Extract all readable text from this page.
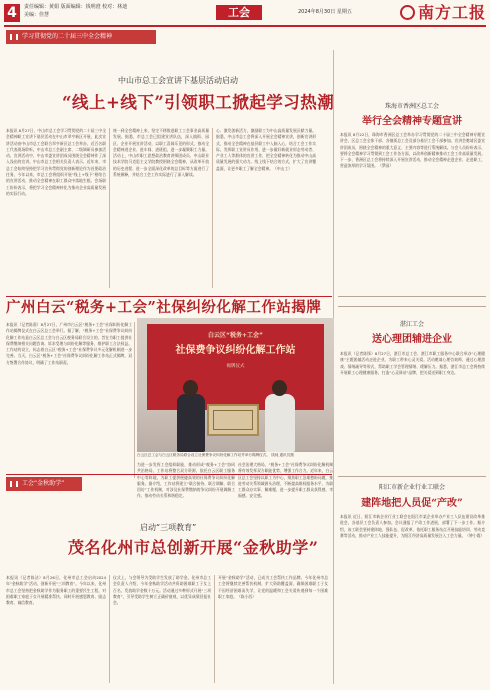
4	责任编辑：黄娟 版面编辑：钱明澄 校对：林迪
美编：佳慧	工会	2024年8月30日 星期五	南方工报
学习贯彻党的二十届三中全会精神
中山市总工会宣讲下基层活动启动
“线上+线下”引领职工掀起学习热潮
本报讯 8月27日，中山市总工会学习贯彻党的二十届三中全会精神职工宣讲下基层活动在中山市翠亨新区开展，此次宣讲活动由中山市总工会联合翠亨新区总工会举办，近百名职工代表现场聆听。中山市总工会副主席、二级调研员参加活动。宣讲活动中，中山市委宣讲团成员围绕全会精神作了深入浅出的宣讲。中山市总工会相关负责人表示，近年来，市总工会始终坚持把学习宣传贯彻党的创新理论作为首要政治任务，今年以来，市总工会将组织开展“线上+线下”相结合的宣讲活动，推动全会精神在职工群众中落地生根。会场职工纷纷表示，将把学习全会精神转化为推动企业高质量发展的实际行动。
统一到全会精神上来，坚定不移推进职工工会事业高质量发展。据悉，市总工会已组建宣讲队伍，深入镇街、园区、企业开展宣讲活动，以职工喜闻乐见的形式，推动全会精神进企业、进车间、进班组，进一步凝聚职工力量。活动上，中山市职工思想政治教育讲师团成员、中山职业技术学院马克思主义学院教授围绕全会精神，从改革开放的历史进程、进一步全面深化改革的总目标等方面进行了系统阐释，并结合工会工作实际进行了深入解读。
心、激发创新活力，激励职工为中山高质量发展贡献力量。据悉，中山市总工会将深入开展全会精神宣讲，创新宣讲形式，推动全会精神在基层职工中入脑入心，结合工会工作实际，发挥职工宣讲员作用，进一步做好新就业形态劳动者、产业工人等群体的宣讲工作，把全会精神转化为推动中山高质量发展的强大动力。线上线下结合的方式，扩大了宣讲覆盖面，让更多职工了解全会精神。（中山工）
珠海市香洲区总工会
举行全会精神专题宣讲
本报讯 8月22日，珠海市香洲区总工会举办学习贯彻党的二十届三中全会精神专题宣讲会，区总工会全体干部、各镇街总工会及部分基层工会干部参加。宣讲会邀请区委宣讲团成员，围绕全会精神的重大意义、主要内容等进行系统解读。与会人员纷纷表示，要将全会精神学习贯彻到工会工作各方面，以改革创新精神推动工会工作高质量发展。下一步，香洲区总工会将持续深入开展宣讲活动，推动全会精神走进企业、走进职工，营造浓厚的学习氛围。（罗园）
广州白云“税务+工会”社保纠纷化解工作站揭牌
本报讯（记者陈嘉）8月27日，广州市白云区“税务+工会”社保纠纷化解工作站揭牌仪式在白云区总工会举行。据了解，“税务+工会”社保费争议纠纷化解工作站是白云区总工会与白云区税务局联合设立的，旨在为职工提供社保费缴纳相关问题咨询、诉求受理与纠纷化解等服务，维护职工合法权益。工作站的设立，标志着白云区“税务+工会”社保费争议多元化解机制进一步完善。当天，白云区“税务+工会”社保费争议纠纷化解工作站正式揭牌，双方签署合作协议，明确了工作站职责。
为进一步发挥工会组织职能，推动形成“税务+工会”协同共治格局，工作站将整合双方资源，依托白云区职工服务中心等阵地，为职工提供便捷高效的社保费争议纠纷化解服务。据介绍，工作站将建立“联合接待、联合调解、联合回访”工作机制，对涉及社保费缴纳的争议纠纷开展调解工作，推动劳动关系和谐稳定。
社会治理大格局，“税务+工会”社保费争议纠纷化解机制将有效发挥双方职能优势，增强工作合力。近年来，白云区总工会坚持以职工为中心，聚焦职工急难愁盼问题，推进劳动关系领域源头治理，不断提高维权服务水平，为职工群众办实事、解难题，进一步提升职工群众获得感、幸福感、安全感。
白云区“税务+工会”
社保费争议纠纷化解工作站
揭牌仪式
白云区总工会与白云区税务局联合设立社保费争议纠纷化解工作站并举行揭牌仪式。 钱纯 通讯员摄
湛江工会
送心理团辅进企业
本报讯（记者陈锋）8月27日，湛江市总工会、湛江市职工服务中心联合举办“心理健康”主题团辅活动走进企业，为职工带来心灵关爱。活动邀请心理咨询师，通过心理游戏、情绪疏导等形式，帮助职工学会管理情绪、缓解压力。据悉，湛江市总工会将持续开展职工心理健康服务，打造“心灵驿站”品牌，把关爱送到职工身边。
阳江市新企业行业工联会
建阵地把人员促“产改”
本报讯 近日，阳江市新企业行业工联会在阳江市某企业举办产业工人队伍建设改革推进会，各基层工会负责人参加。会议通报了产改工作进展，部署了下一步工作。据介绍，该工联会坚持建阵地、强队伍、促改革，依托职工服务站点开展技能培训、劳动竞赛等活动，推动产业工人技能提升，为阳江经济高质量发展注入工会力量。（钟小霞）
工会“金秋助学”
启动“三项教育”
茂名化州市总创新开展“金秋助学”
本报讯（记者陈洁）8月26日，化州市总工会启动2024年“金秋助学”活动，创新开展“三项教育”。今年以来，化州市总工会坚持把金秋助学作为服务职工的重要民生工程，对困难职工家庭子女开展精准帮扶，同时开展感恩教育、励志教育、诚信教育。
仪式上，与会领导为受助学生发放了助学金。化州市总工会负责人介绍，今年金秋助学活动共资助困难职工子女上百名，发放助学金数十万元。活动通过多种形式开展“三项教育”，引导受助学生树立正确价值观，以优异成绩回报社会。
开展“金秋助学”活动，已成为工会帮扶工作品牌。今年化州市总工会将继续完善帮扶机制，扩大资助覆盖面，确保困难职工子女不因经济困难而失学，让党的温暖和工会关爱传递到每一个困难职工家庭。（陈小西）
